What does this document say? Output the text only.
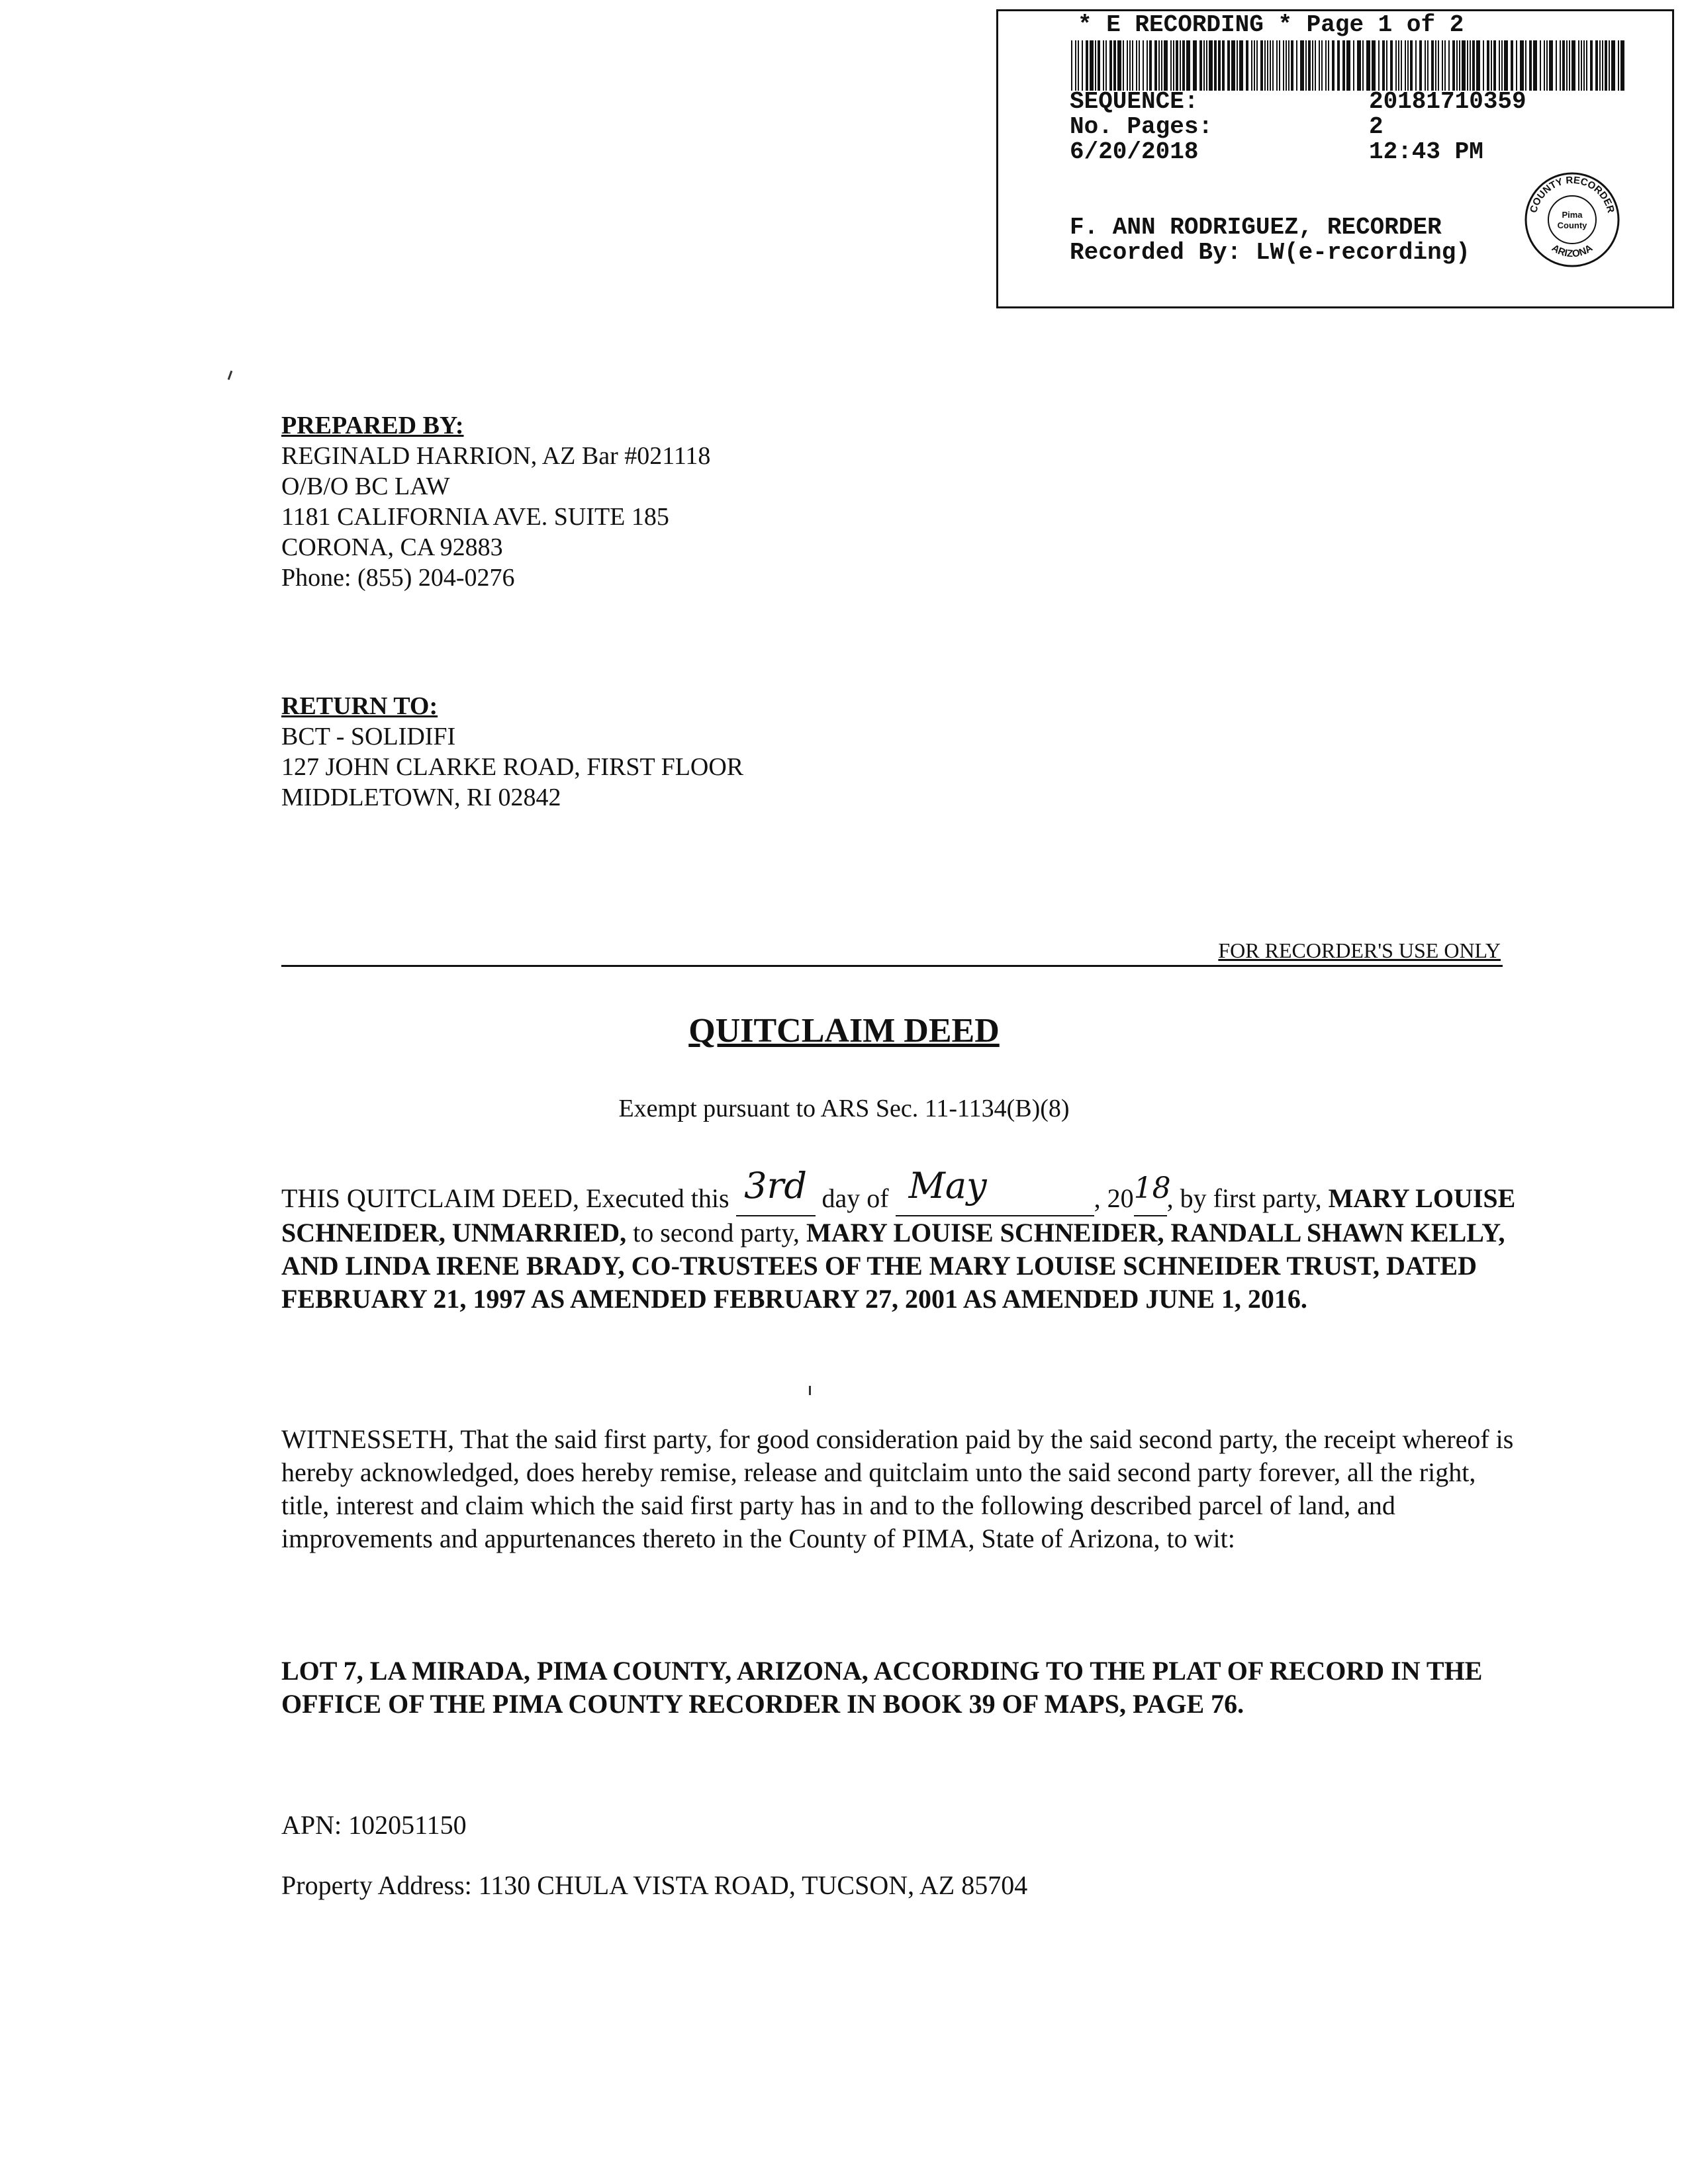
* E RECORDING * Page 1 of 2
SEQUENCE:	20181710359
No. Pages:	2
6/20/2018	12:43 PM
F. ANN RODRIGUEZ, RECORDER
Recorded By: LW(e-recording)
COUNTY RECORDER
ARIZONA
Pima
County
PREPARED BY:
REGINALD HARRION, AZ Bar #021118
O/B/O BC LAW
1181 CALIFORNIA AVE. SUITE 185
CORONA, CA 92883
Phone: (855) 204-0276
RETURN TO:
BCT - SOLIDIFI
127 JOHN CLARKE ROAD, FIRST FLOOR
MIDDLETOWN, RI 02842
FOR RECORDER'S USE ONLY
QUITCLAIM DEED
Exempt pursuant to ARS Sec. 11-1134(B)(8)
THIS QUITCLAIM DEED, Executed this 3rd day of May	, 2018, by first party, MARY LOUISE SCHNEIDER, UNMARRIED, to second party, MARY LOUISE SCHNEIDER, RANDALL SHAWN KELLY, AND LINDA IRENE BRADY, CO-TRUSTEES OF THE MARY LOUISE SCHNEIDER TRUST, DATED FEBRUARY 21, 1997 AS AMENDED FEBRUARY 27, 2001 AS AMENDED JUNE 1, 2016.
WITNESSETH, That the said first party, for good consideration paid by the said second party, the receipt whereof is hereby acknowledged, does hereby remise, release and quitclaim unto the said second party forever, all the right, title, interest and claim which the said first party has in and to the following described parcel of land, and improvements and appurtenances thereto in the County of PIMA, State of Arizona, to wit:
LOT 7, LA MIRADA, PIMA COUNTY, ARIZONA, ACCORDING TO THE PLAT OF RECORD IN THE OFFICE OF THE PIMA COUNTY RECORDER IN BOOK 39 OF MAPS, PAGE 76.
APN: 102051150
Property Address: 1130 CHULA VISTA ROAD, TUCSON, AZ 85704
